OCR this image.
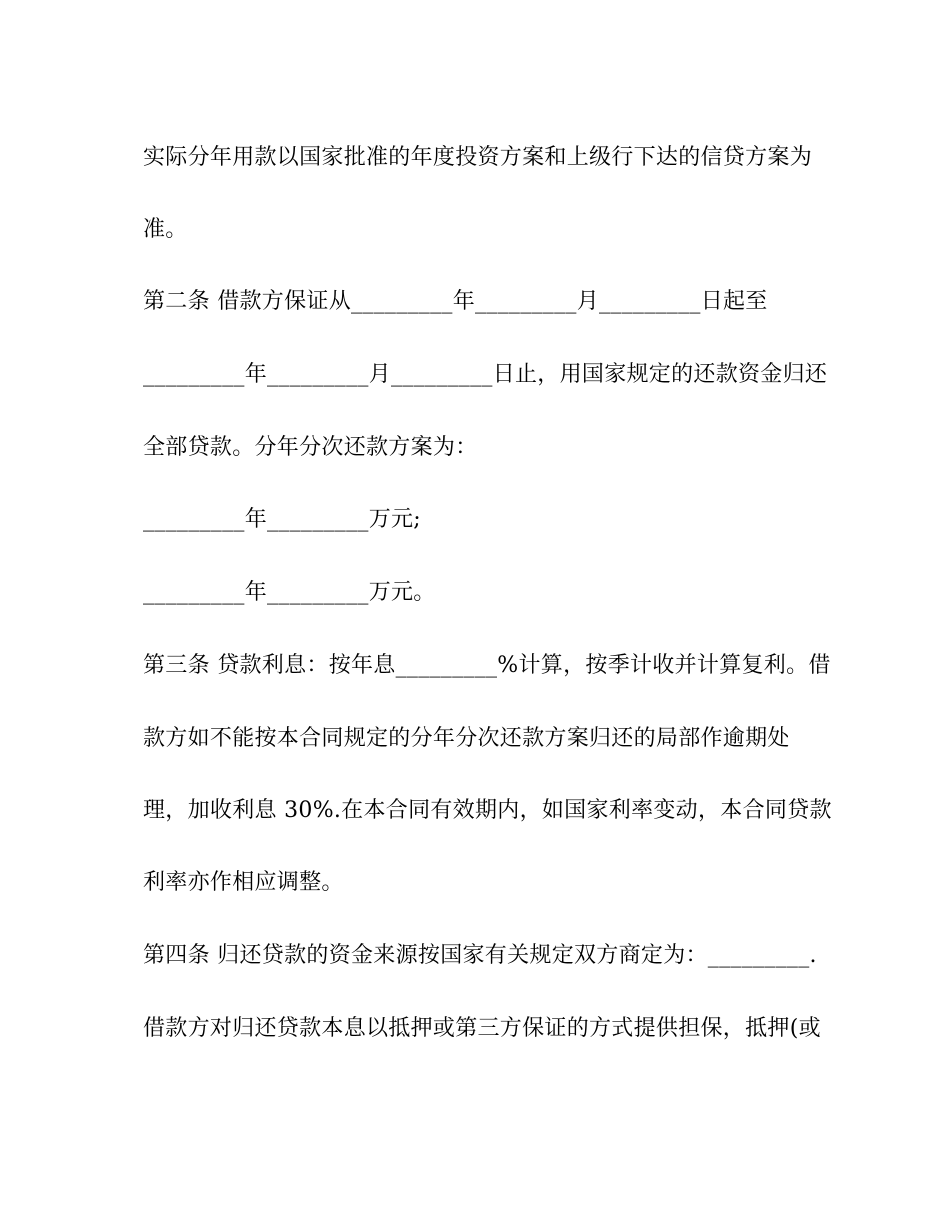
实际分年用款以国家批准的年度投资方案和上级行下达的信贷方案为
准。
第二条 借款方保证从_________年_________月_________日起至
_________年_________月_________日止，用国家规定的还款资金归还
全部贷款。分年分次还款方案为：
_________年_________万元;
_________年_________万元。
第三条 贷款利息：按年息_________%计算，按季计收并计算复利。借
款方如不能按本合同规定的分年分次还款方案归还的局部作逾期处
理，加收利息 30%.在本合同有效期内，如国家利率变动，本合同贷款
利率亦作相应调整。
第四条 归还贷款的资金来源按国家有关规定双方商定为：_________.
借款方对归还贷款本息以抵押或第三方保证的方式提供担保，抵押(或
